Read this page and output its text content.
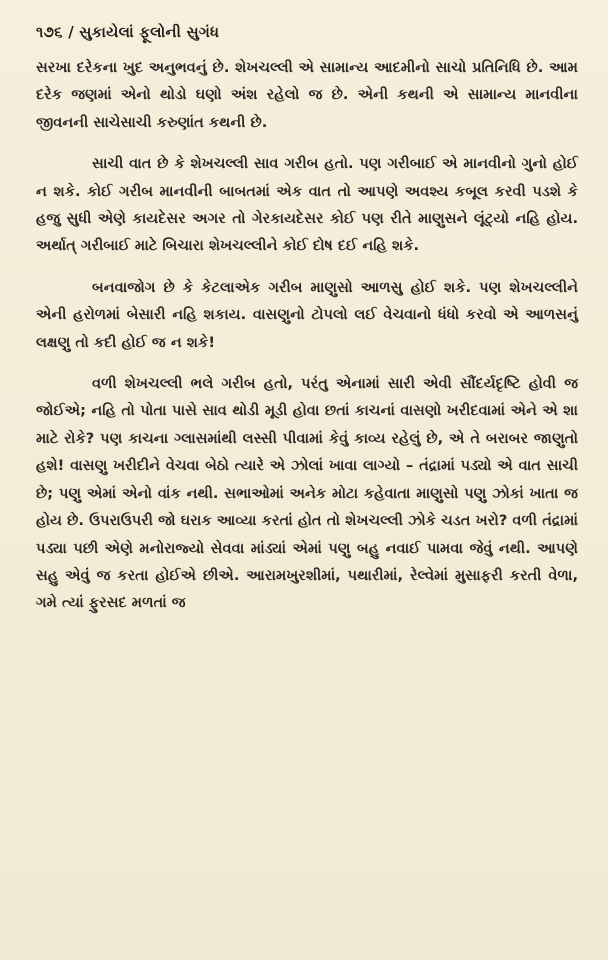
૧૭૬ / સુકાયેલાં ફૂલોની સુગંધ

સરખા દરેકના ખુદ અનુભવનું છે. શેખચલ્લી એ સામાન્ય આદમીનો સાચો પ્રતિનિધિ છે. આમ દરેક જણમાં એનો થોડો ઘણો અંશ રહેલો જ છે. એની કથની એ સામાન્ય માનવીના જીવનની સાચેસાચી કરુણાંત કથની છે.

સાચી વાત છે કે શેખચલ્લી સાવ ગરીબ હતો. પણ ગરીબાઈ એ માનવીનો ગુનો હોઈ ન શકે. કોઈ ગરીબ માનવીની બાબતમાં એક વાત તો આપણે અવશ્ય કબૂલ કરવી પડશે કે હજુ સુધી એણે કાયદેસર અગર તો ગેરકાયદેસર કોઈ પણ રીતે માણુસને લૂંટ્યો નહિ હોય. અર્થાત્ ગરીબાઈ માટે બિચારા શેખચલ્લીને કોઈ દોષ દઈ નહિ શકે.

બનવાજોગ છે કે કેટલાએક ગરીબ માણુસો આળસુ હોઈ શકે. પણ શેખચલ્લીને એની હરોળમાં બેસારી નહિ શકાય. વાસણુનો ટોપલો લઈ વેચવાનો ધંધો કરવો એ આળસનું લક્ષણુ તો કદી હોઈ જ ન શકે!

વળી શેખચલ્લી ભલે ગરીબ હતો, પરંતુ એનામાં સારી એવી સૌંદર્યદૃષ્ટિ હોવી જ જોઈએ; નહિ તો પોતા પાસે સાવ થોડી મૂડી હોવા છતાં કાચનાં વાસણો ખરીદવામાં એને એ શા માટે રોકે? પણ કાચના ગ્લાસમાંથી લસ્સી પીવામાં કેવું કાવ્ય રહેલું છે, એ તે બરાબર જાણુતો હશે! વાસણુ ખરીદીને વેચવા બેઠો ત્યારે એ ઝોલાં ખાવા લાગ્યો – તંદ્રામાં પડ્યો એ વાત સાચી છે; પણુ એમાં એનો વાંક નથી. સભાઓમાં અનેક મોટા કહેવાતા માણુસો પણુ ઝોકાં ખાતા જ હોય છે. ઉપરાઉપરી જો ઘરાક આવ્યા કરતાં હોત તો શેખચલ્લી ઝોકે ચડત ખરો? વળી તંદ્રામાં પડ્યા પછી એણે મનોરાજ્યો સેવવા માંડ્યાં એમાં પણુ બહુ નવાઈ પામવા જેવું નથી. આપણે સહુ એવું જ કરતા હોઈએ છીએ. આરામખુરશીમાં, પથારીમાં, રેલ્વેમાં મુસાફરી કરતી વેળા, ગમે ત્યાં ફુરસદ મળતાં જ
